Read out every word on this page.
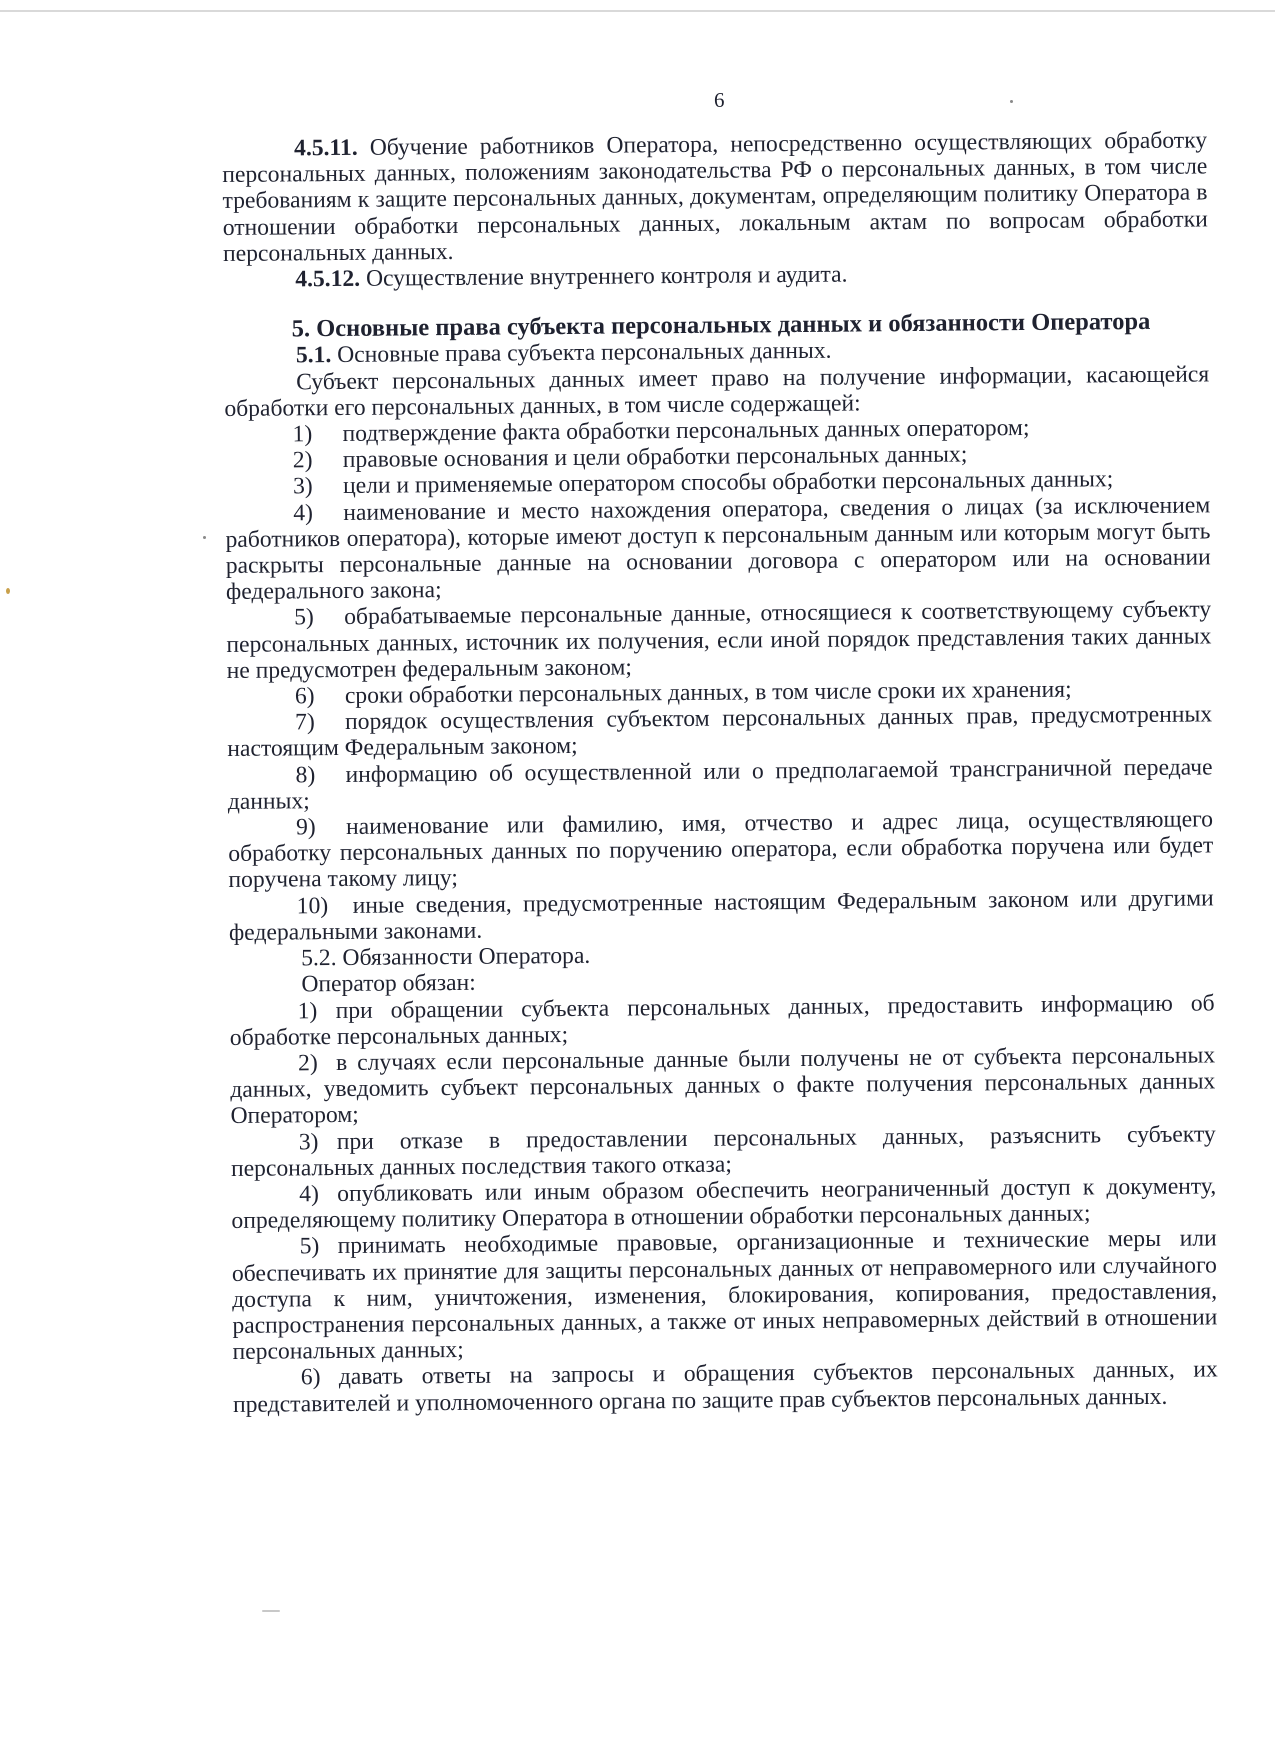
6

4.5.11. Обучение работников Оператора, непосредственно осуществляющих обработку персональных данных, положениям законодательства РФ о персональных данных, в том числе требованиям к защите персональных данных, документам, определяющим политику Оператора в отношении обработки персональных данных, локальным актам по вопросам обработки персональных данных.

4.5.12. Осуществление внутреннего контроля и аудита.

5. Основные права субъекта персональных данных и обязанности Оператора

5.1. Основные права субъекта персональных данных.

Субъект персональных данных имеет право на получение информации, касающейся обработки его персональных данных, в том числе содержащей:

1) подтверждение факта обработки персональных данных оператором;

2) правовые основания и цели обработки персональных данных;

3) цели и применяемые оператором способы обработки персональных данных;

4) наименование и место нахождения оператора, сведения о лицах (за исключением работников оператора), которые имеют доступ к персональным данным или которым могут быть раскрыты персональные данные на основании договора с оператором или на основании федерального закона;

5) обрабатываемые персональные данные, относящиеся к соответствующему субъекту персональных данных, источник их получения, если иной порядок представления таких данных не предусмотрен федеральным законом;

6) сроки обработки персональных данных, в том числе сроки их хранения;

7) порядок осуществления субъектом персональных данных прав, предусмотренных настоящим Федеральным законом;

8) информацию об осуществленной или о предполагаемой трансграничной передаче данных;

9) наименование или фамилию, имя, отчество и адрес лица, осуществляющего обработку персональных данных по поручению оператора, если обработка поручена или будет поручена такому лицу;

10) иные сведения, предусмотренные настоящим Федеральным законом или другими федеральными законами.

5.2. Обязанности Оператора.

Оператор обязан:

1) при обращении субъекта персональных данных, предоставить информацию об обработке персональных данных;

2) в случаях если персональные данные были получены не от субъекта персональных данных, уведомить субъект персональных данных о факте получения персональных данных Оператором;

3) при отказе в предоставлении персональных данных, разъяснить субъекту персональных данных последствия такого отказа;

4) опубликовать или иным образом обеспечить неограниченный доступ к документу, определяющему политику Оператора в отношении обработки персональных данных;

5) принимать необходимые правовые, организационные и технические меры или обеспечивать их принятие для защиты персональных данных от неправомерного или случайного доступа к ним, уничтожения, изменения, блокирования, копирования, предоставления, распространения персональных данных, а также от иных неправомерных действий в отношении персональных данных;

6) давать ответы на запросы и обращения субъектов персональных данных, их представителей и уполномоченного органа по защите прав субъектов персональных данных.
